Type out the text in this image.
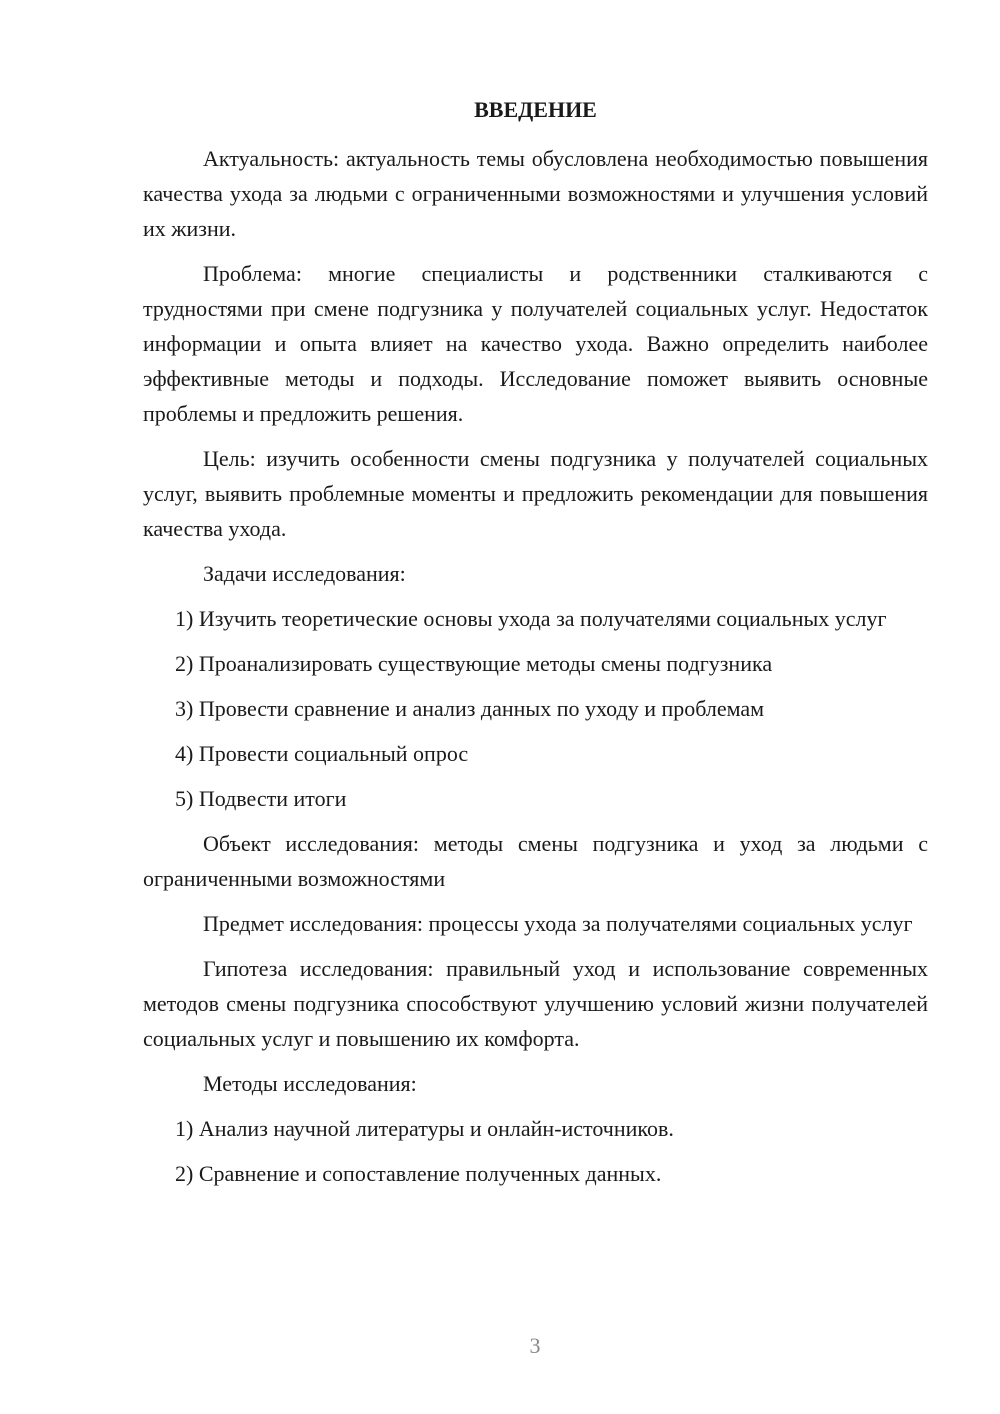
ВВЕДЕНИЕ

Актуальность: актуальность темы обусловлена необходимостью повышения качества ухода за людьми с ограниченными возможностями и улучшения условий их жизни.

Проблема: многие специалисты и родственники сталкиваются с трудностями при смене подгузника у получателей социальных услуг. Недостаток информации и опыта влияет на качество ухода. Важно определить наиболее эффективные методы и подходы. Исследование поможет выявить основные проблемы и предложить решения.

Цель: изучить особенности смены подгузника у получателей социальных услуг, выявить проблемные моменты и предложить рекомендации для повышения качества ухода.

Задачи исследования:

1) Изучить теоретические основы ухода за получателями социальных услуг

2) Проанализировать существующие методы смены подгузника

3) Провести сравнение и анализ данных по уходу и проблемам

4) Провести социальный опрос

5) Подвести итоги

Объект исследования: методы смены подгузника и уход за людьми с ограниченными возможностями

Предмет исследования: процессы ухода за получателями социальных услуг

Гипотеза исследования: правильный уход и использование современных методов смены подгузника способствуют улучшению условий жизни получателей социальных услуг и повышению их комфорта.

Методы исследования:

1) Анализ научной литературы и онлайн-источников.

2) Сравнение и сопоставление полученных данных.

3
